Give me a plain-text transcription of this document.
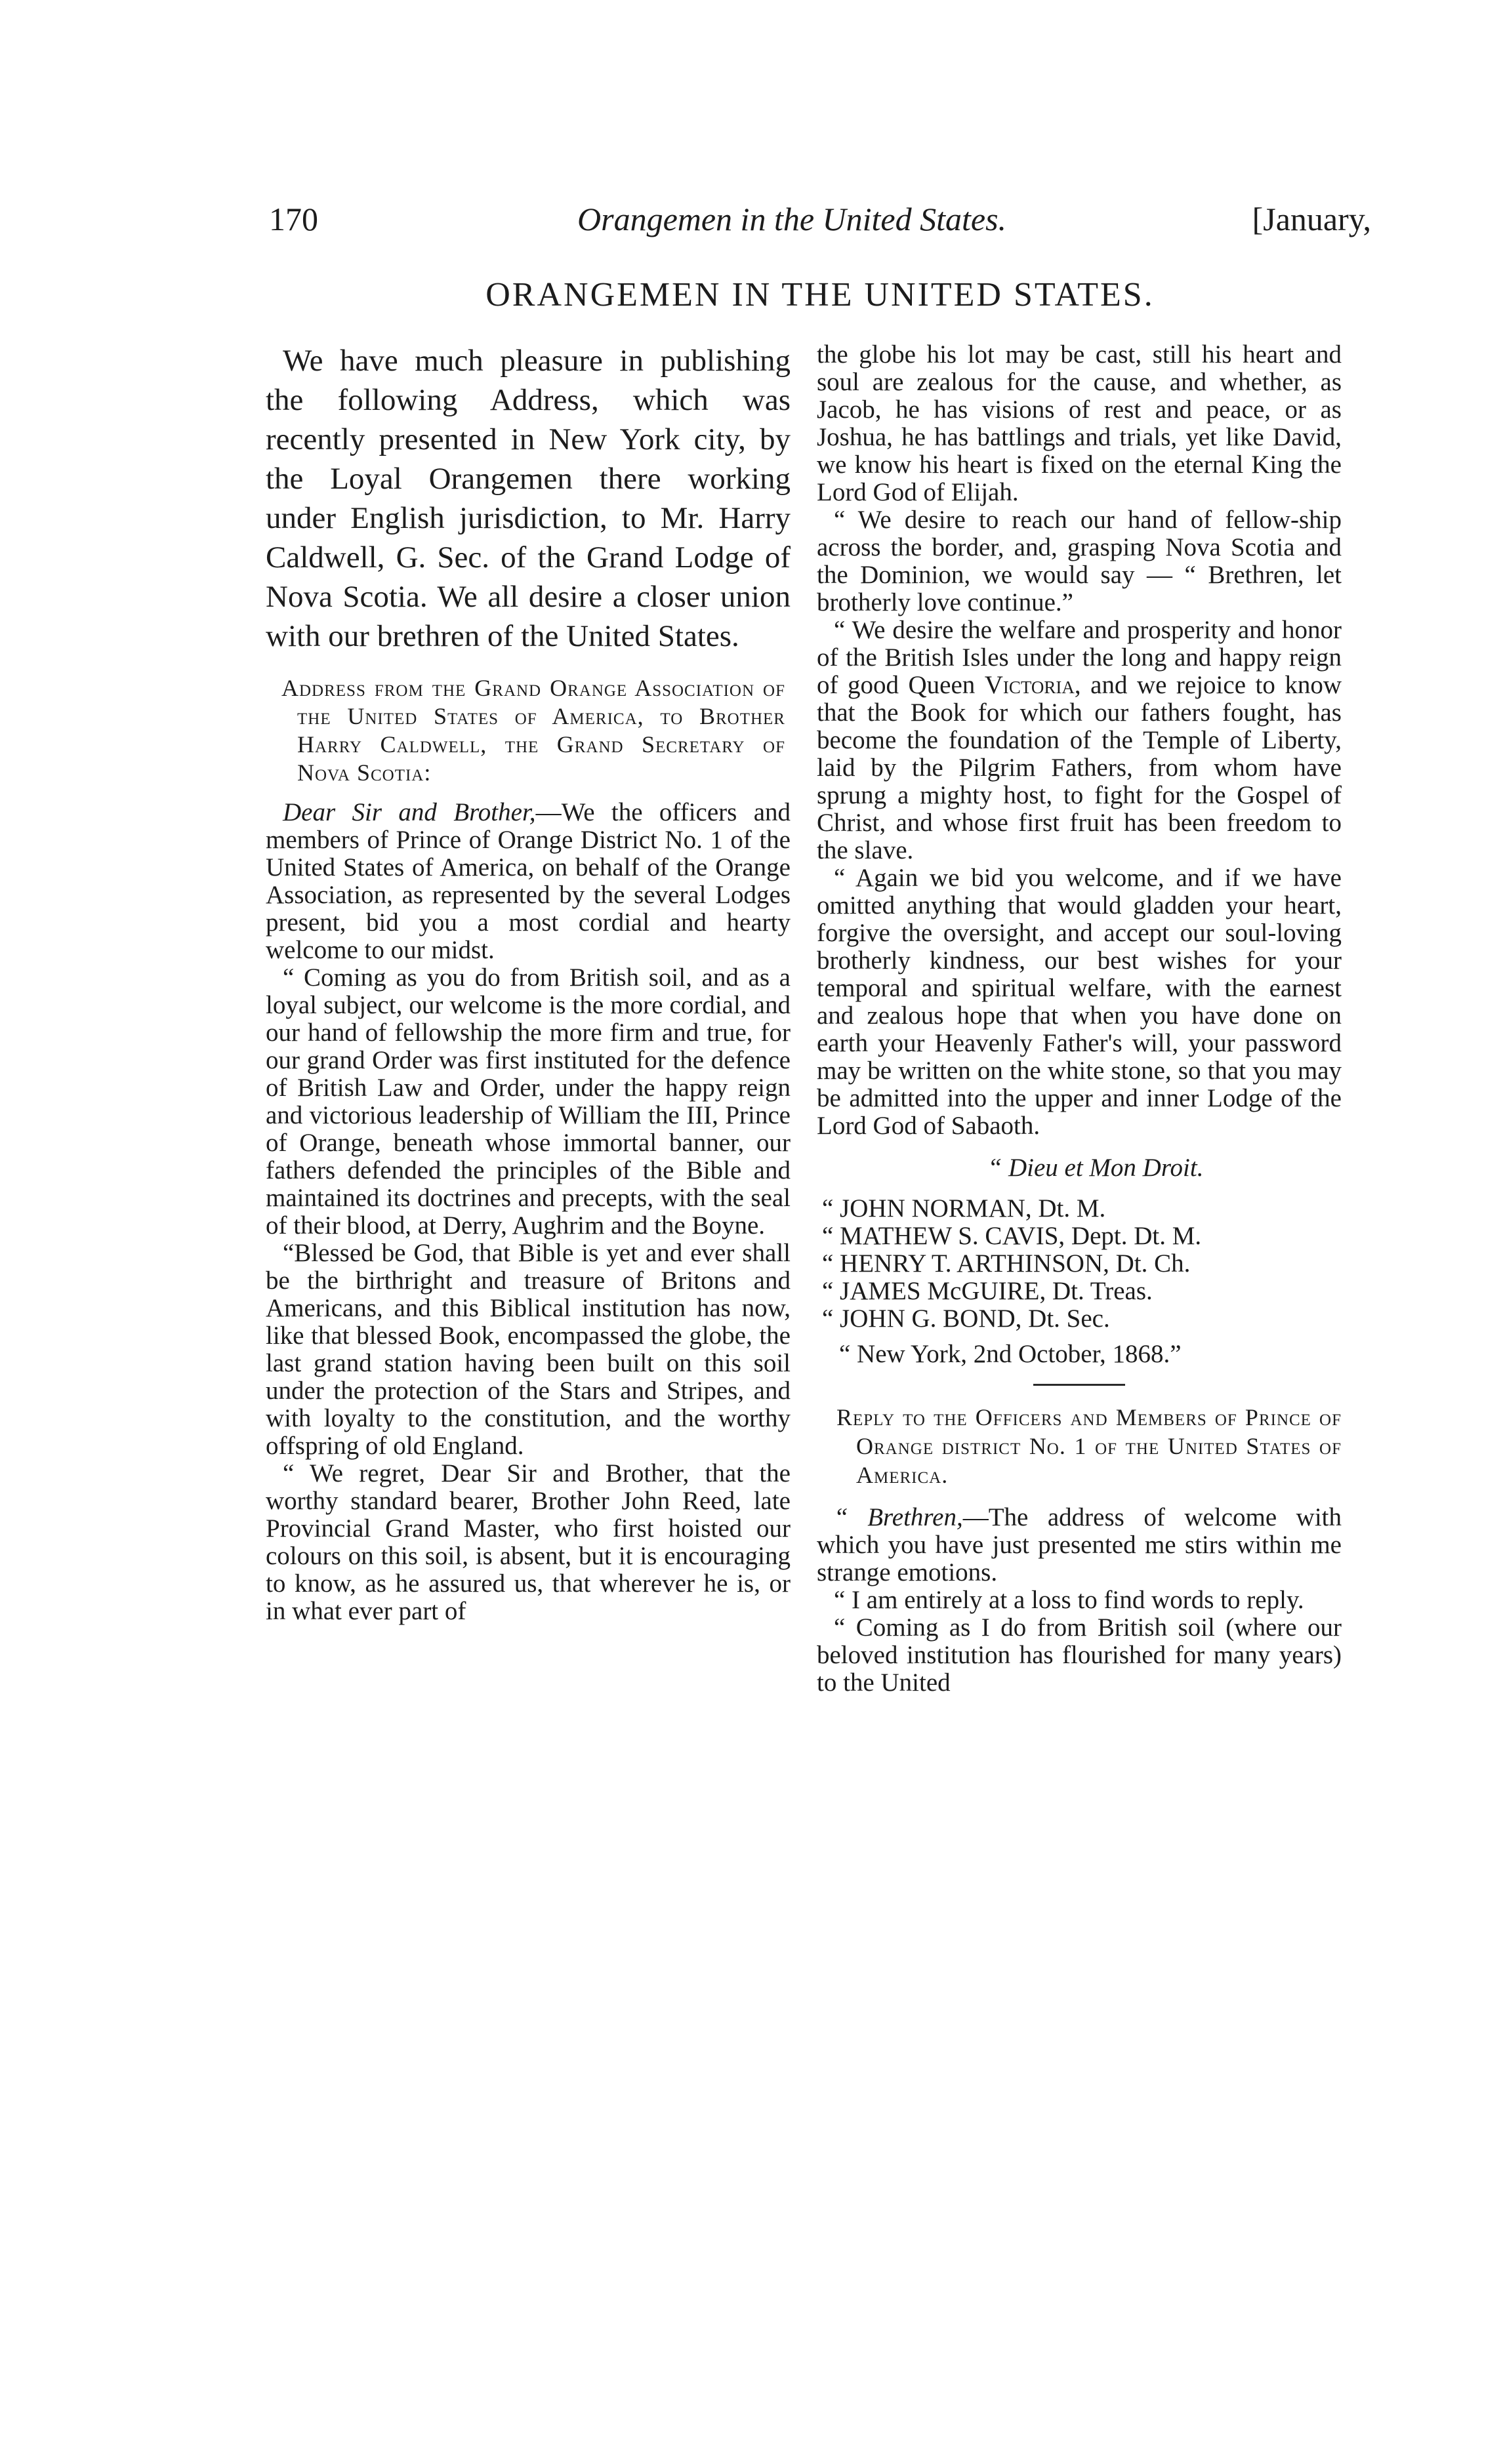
170	Orangemen in the United States.	[January,
ORANGEMEN IN THE UNITED STATES.

We have much pleasure in publishing the following Address, which was recently presented in New York city, by the Loyal Orangemen there working under English jurisdiction, to Mr. Harry Caldwell, G. Sec. of the Grand Lodge of Nova Scotia. We all desire a closer union with our brethren of the United States.

Address from the Grand Orange Association of the United States of America, to Brother Harry Caldwell, the Grand Secretary of Nova Scotia:

Dear Sir and Brother,—We the officers and members of Prince of Orange District No. 1 of the United States of America, on behalf of the Orange Association, as represented by the several Lodges present, bid you a most cordial and hearty welcome to our midst.

“ Coming as you do from British soil, and as a loyal subject, our welcome is the more cordial, and our hand of fellowship the more firm and true, for our grand Order was first instituted for the defence of British Law and Order, under the happy reign and victorious leadership of William the III, Prince of Orange, beneath whose immortal banner, our fathers defended the principles of the Bible and maintained its doctrines and precepts, with the seal of their blood, at Derry, Aughrim and the Boyne.

“Blessed be God, that Bible is yet and ever shall be the birthright and treasure of Britons and Americans, and this Biblical institution has now, like that blessed Book, encompassed the globe, the last grand station having been built on this soil under the protection of the Stars and Stripes, and with loyalty to the constitution, and the worthy offspring of old England.

“ We regret, Dear Sir and Brother, that the worthy standard bearer, Brother John Reed, late Provincial Grand Master, who first hoisted our colours on this soil, is absent, but it is encouraging to know, as he assured us, that wherever he is, or in what ever part of

the globe his lot may be cast, still his heart and soul are zealous for the cause, and whether, as Jacob, he has visions of rest and peace, or as Joshua, he has battlings and trials, yet like David, we know his heart is fixed on the eternal King the Lord God of Elijah.

“ We desire to reach our hand of fellow-ship across the border, and, grasping Nova Scotia and the Dominion, we would say — “ Brethren, let brotherly love continue.”

“ We desire the welfare and prosperity and honor of the British Isles under the long and happy reign of good Queen Victoria, and we rejoice to know that the Book for which our fathers fought, has become the foundation of the Temple of Liberty, laid by the Pilgrim Fathers, from whom have sprung a mighty host, to fight for the Gospel of Christ, and whose first fruit has been freedom to the slave.

“ Again we bid you welcome, and if we have omitted anything that would gladden your heart, forgive the oversight, and accept our soul-loving brotherly kindness, our best wishes for your temporal and spiritual welfare, with the earnest and zealous hope that when you have done on earth your Heavenly Father's will, your password may be written on the white stone, so that you may be admitted into the upper and inner Lodge of the Lord God of Sabaoth.

“ Dieu et Mon Droit.

“ JOHN NORMAN, Dt. M.

“ MATHEW S. CAVIS, Dept. Dt. M.

“ HENRY T. ARTHINSON, Dt. Ch.

“ JAMES McGUIRE, Dt. Treas.

“ JOHN G. BOND, Dt. Sec.

“ New York, 2nd October, 1868.”

Reply to the Officers and Members of Prince of Orange district No. 1 of the United States of America.

“ Brethren,—The address of welcome with which you have just presented me stirs within me strange emotions.

“ I am entirely at a loss to find words to reply.

“ Coming as I do from British soil (where our beloved institution has flourished for many years) to the United
